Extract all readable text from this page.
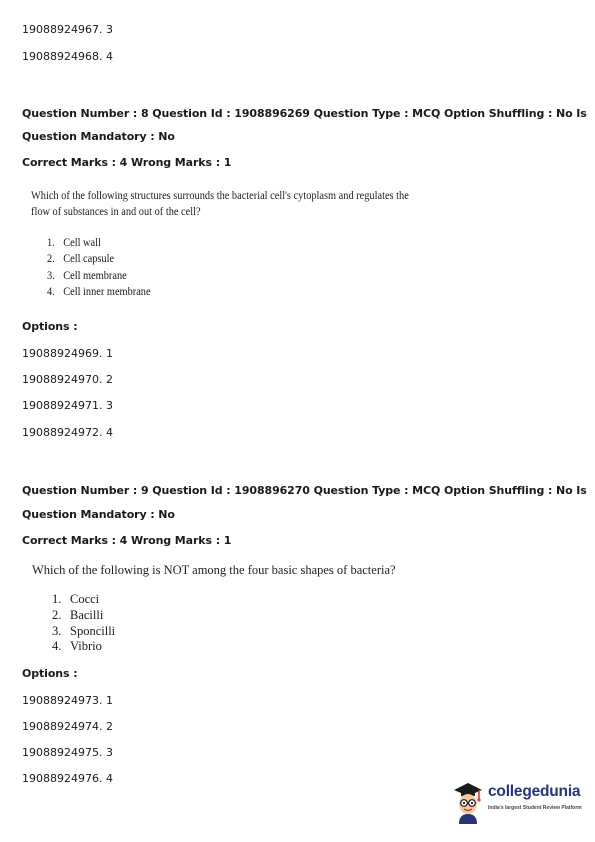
19088924967. 3
19088924968. 4
Question Number : 8 Question Id : 1908896269 Question Type : MCQ Option Shuffling : No Is
Question Mandatory : No
Correct Marks : 4 Wrong Marks : 1
Which of the following structures surrounds the bacterial cell's cytoplasm and regulates the
flow of substances in and out of the cell?
1. Cell wall
2. Cell capsule
3. Cell membrane
4. Cell inner membrane
Options :
19088924969. 1
19088924970. 2
19088924971. 3
19088924972. 4
Question Number : 9 Question Id : 1908896270 Question Type : MCQ Option Shuffling : No Is
Question Mandatory : No
Correct Marks : 4 Wrong Marks : 1
Which of the following is NOT among the four basic shapes of bacteria?
1. Cocci
2. Bacilli
3. Sponcilli
4. Vibrio
Options :
19088924973. 1
19088924974. 2
19088924975. 3
19088924976. 4
collegedunia
India's largest Student Review Platform
